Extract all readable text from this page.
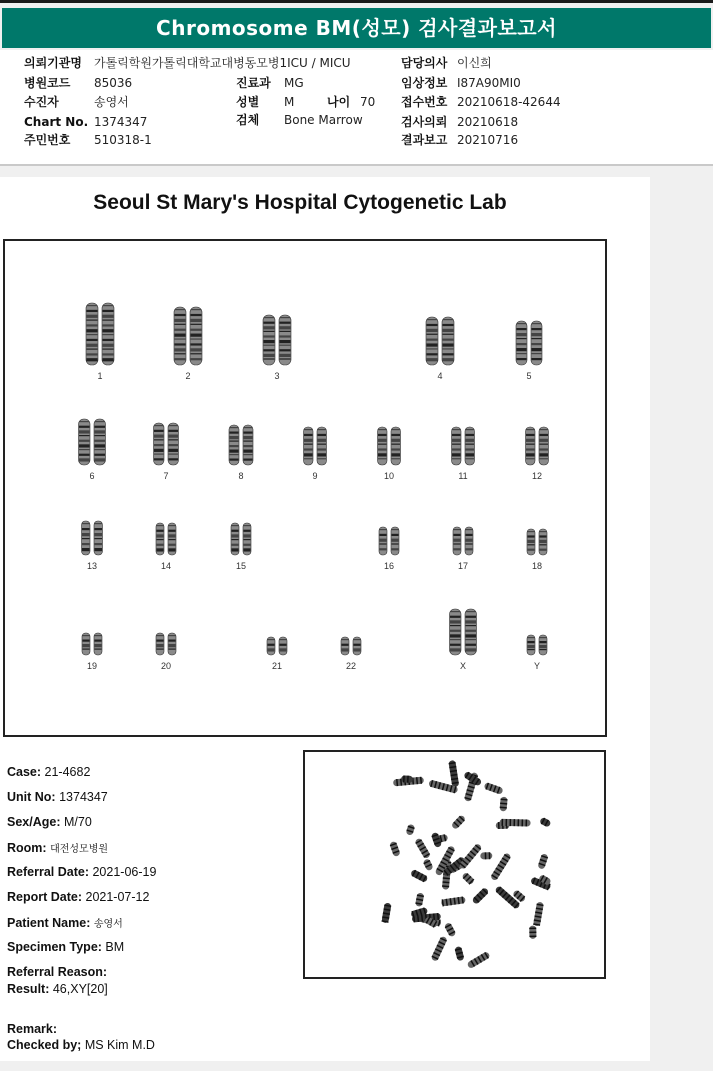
Chromosome BM(성모) 검사결과보고서
의뢰기관명 가톨릭학원가톨릭대학교대병동모병1ICU / MICU
병원코드 85036
수진자	송영서
Chart No. 1374347
주민번호 510318-1
진료과 MG
성별 M	나이 70
검체 Bone Marrow
담당의사 이신희
임상정보 I87A90MI0
접수번호 20210618-42644
검사의뢰 20210618
결과보고 20210716
Seoul St Mary's Hospital Cytogenetic Lab
1	2	3	4	5
6	7	8	9	10	11	12
13	14	15	16	17	18
19	20	21	22	X	Y
Case: 21-4682
Unit No: 1374347
Sex/Age: M/70
Room: 대전성모병원
Referral Date: 2021-06-19
Report Date: 2021-07-12
Patient Name: 송영서
Specimen Type: BM
Referral Reason:
Result: 46,XY[20]
Remark:
Checked by; MS Kim M.D
